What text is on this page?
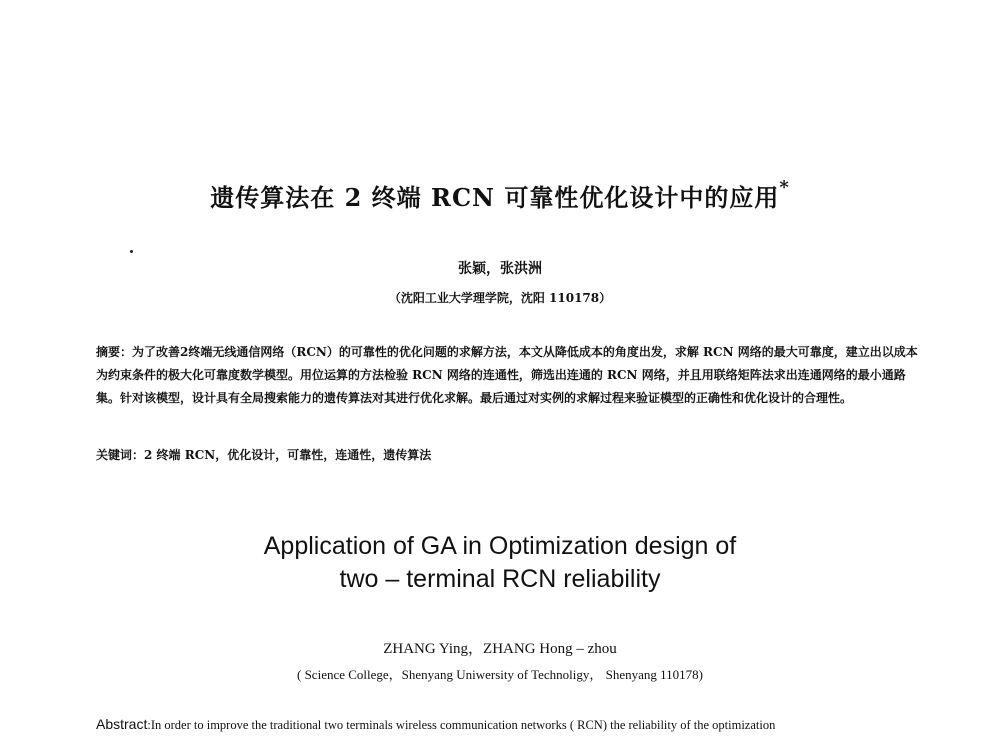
遗传算法在 2 终端 RCN 可靠性优化设计中的应用*
张颖，张洪洲
（沈阳工业大学理学院，沈阳 110178）
摘要：为了改善2终端无线通信网络（RCN）的可靠性的优化问题的求解方法，本文从降低成本的角度出发，求解 RCN 网络的最大可靠度，建立出以成本为约束条件的极大化可靠度数学模型。用位运算的方法检验 RCN 网络的连通性，筛选出连通的 RCN 网络，并且用联络矩阵法求出连通网络的最小通路集。针对该模型，设计具有全局搜索能力的遗传算法对其进行优化求解。最后通过对实例的求解过程来验证模型的正确性和优化设计的合理性。
关键词：2 终端 RCN，优化设计，可靠性，连通性，遗传算法
Application of GA in Optimization design of
two – terminal RCN reliability
ZHANG Ying，ZHANG Hong – zhou
( Science College，Shenyang Uniwersity of Technoligy， Shenyang 110178)
Abstract:In order to improve the traditional two terminals wireless communication networks ( RCN) the reliability of the optimization
